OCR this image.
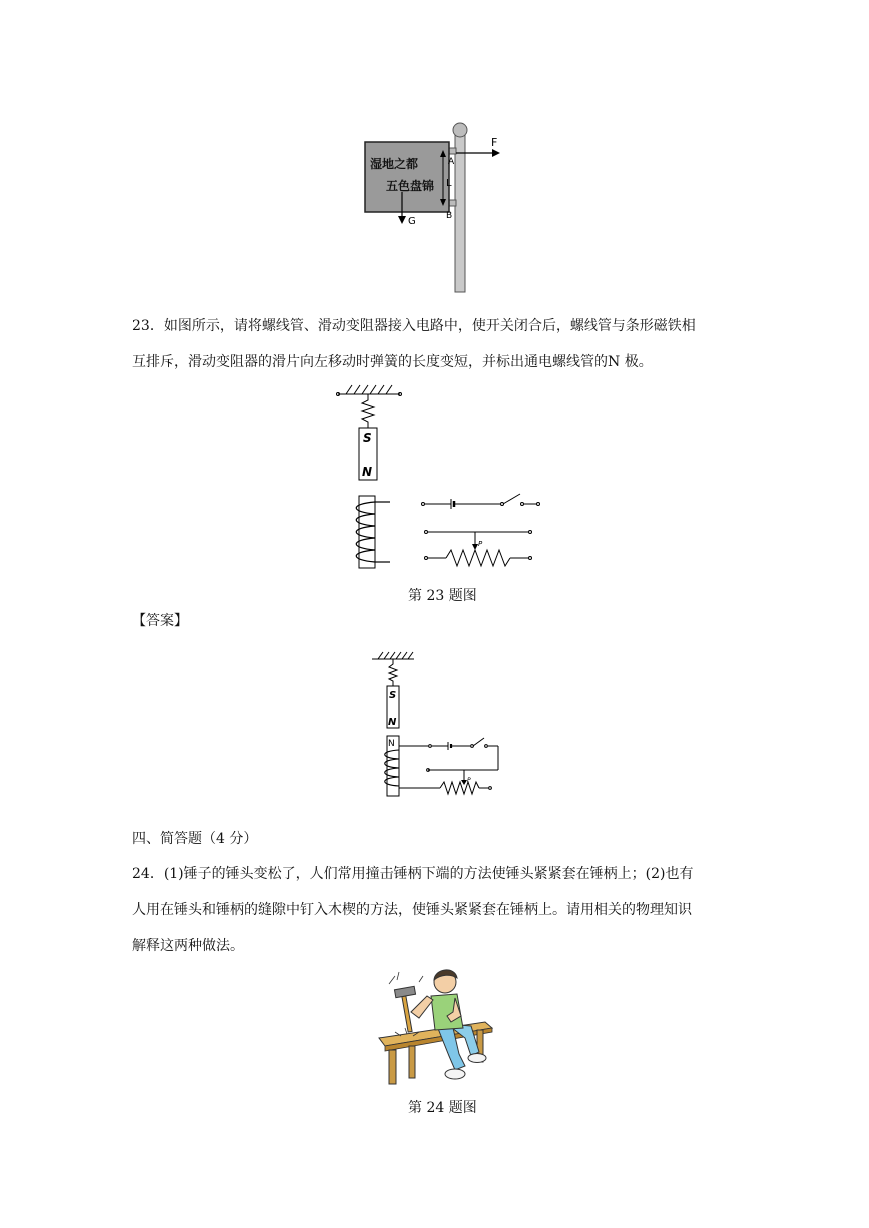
湿地之都
五色盘锦
F
A
L
B
G
23．如图所示，请将螺线管、滑动变阻器接入电路中，使开关闭合后，螺线管与条形磁铁相
互排斥，滑动变阻器的滑片向左移动时弹簧的长度变短，并标出通电螺线管的N 极。
S
N
P
第 23 题图
【答案】
S
N
N
P
四、简答题（4 分）
24．(1)锤子的锤头变松了，人们常用撞击锤柄下端的方法使锤头紧紧套在锤柄上；(2)也有
人用在锤头和锤柄的缝隙中钉入木楔的方法，使锤头紧紧套在锤柄上。请用相关的物理知识
解释这两种做法。
第 24 题图
